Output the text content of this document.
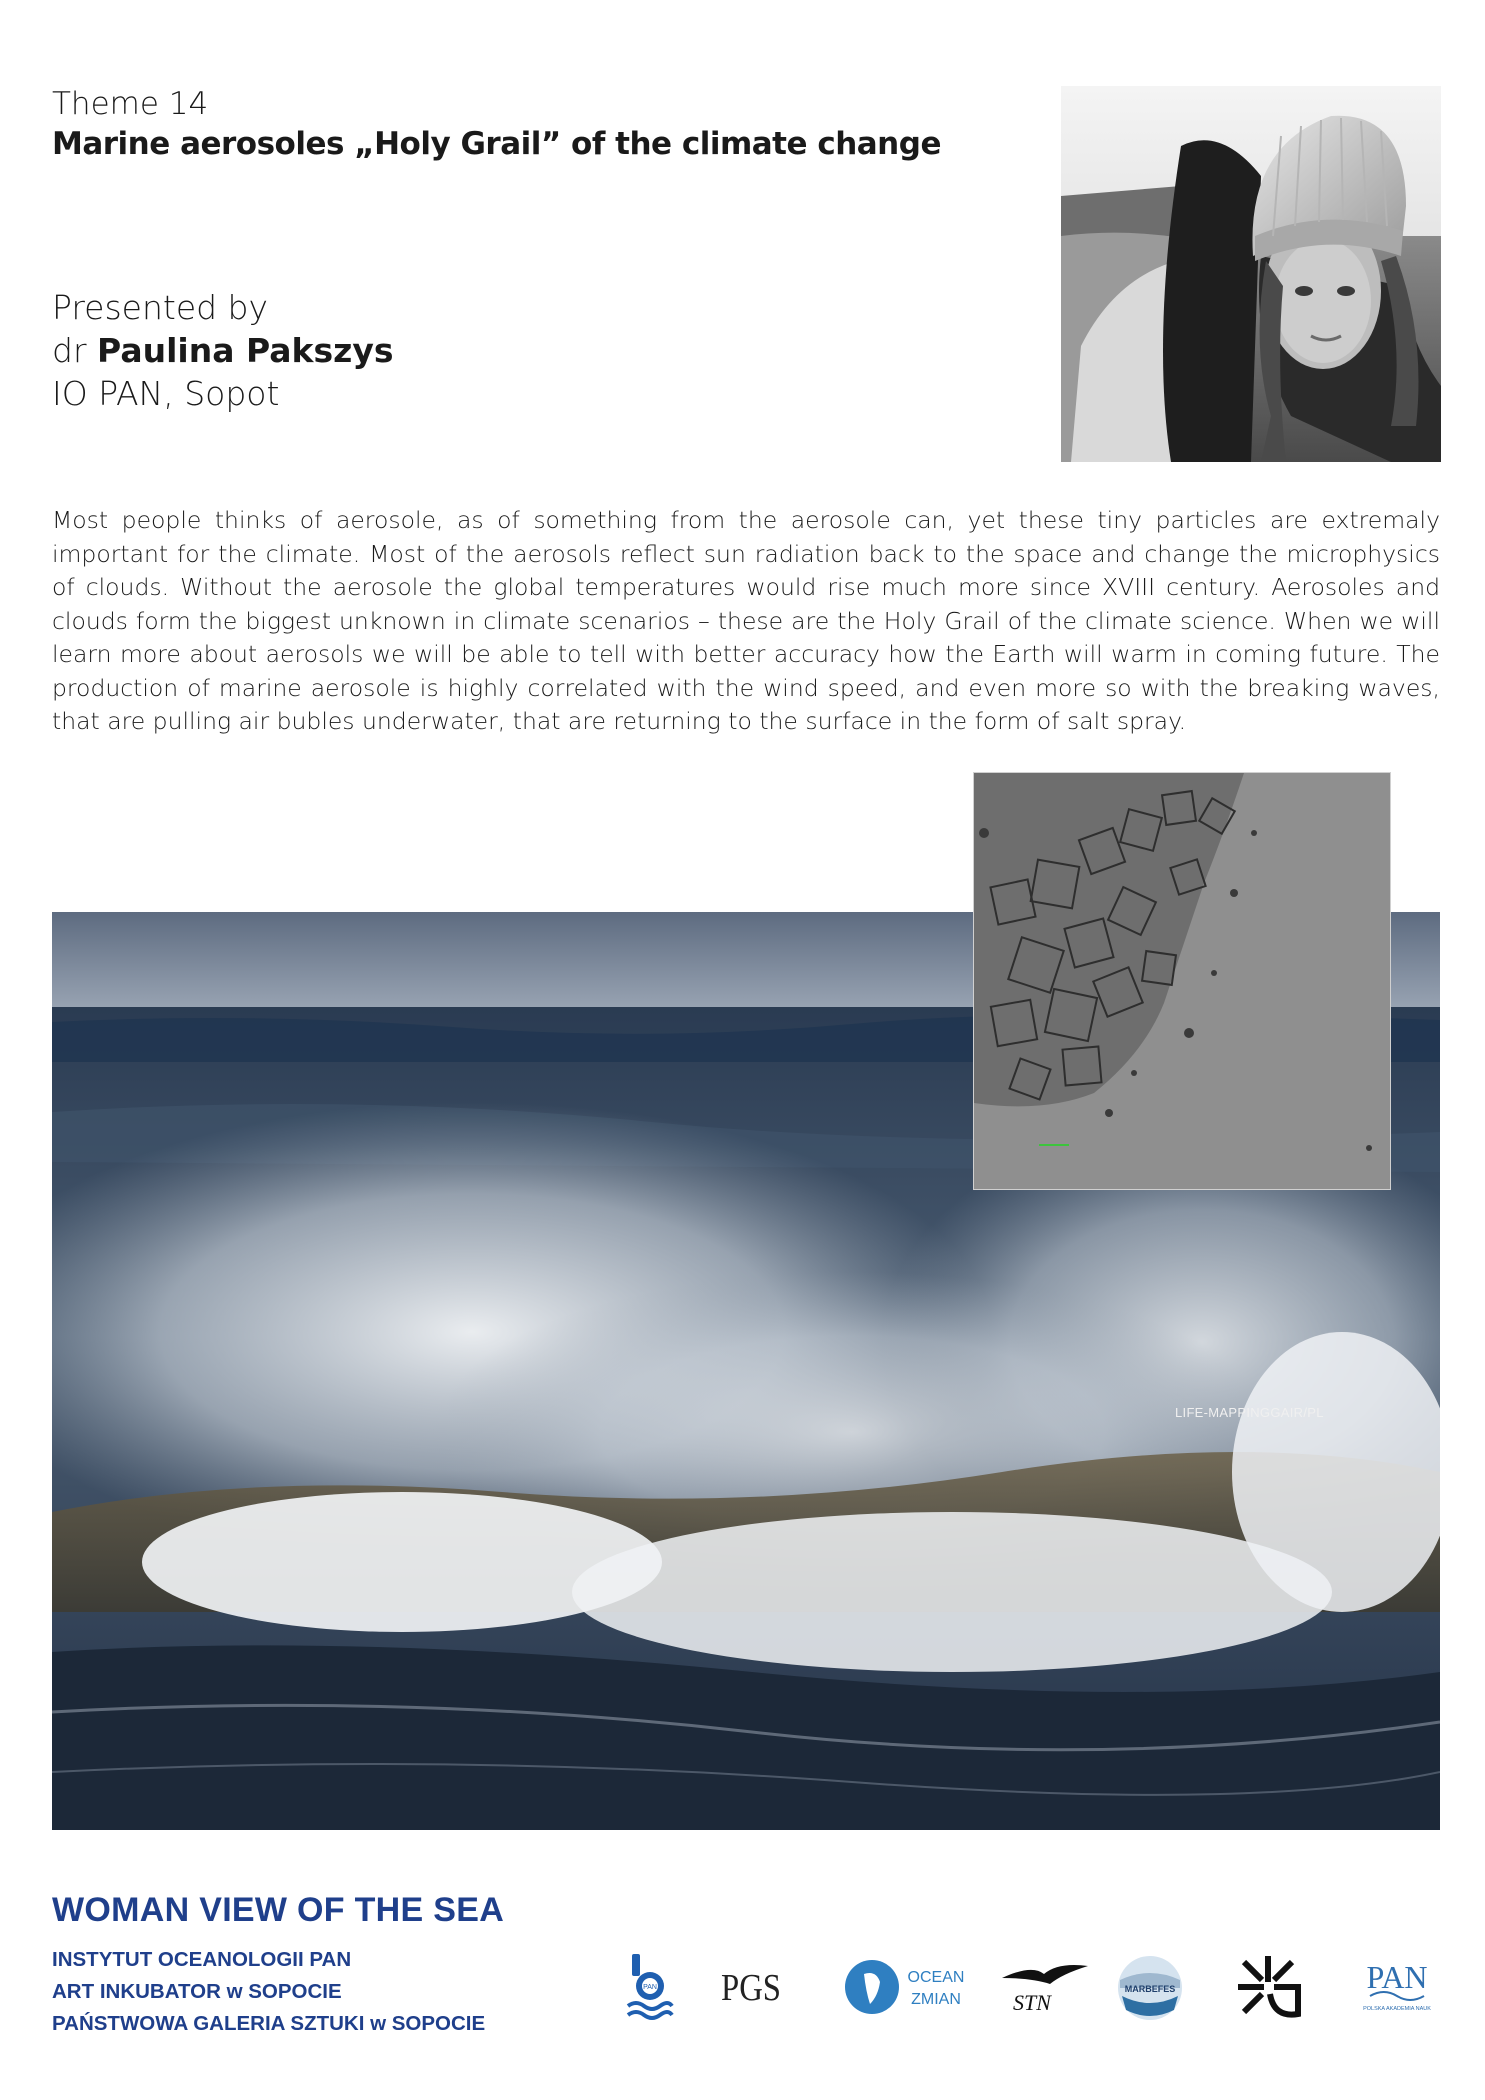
Theme 14
Marine aerosoles „Holy Grail” of the climate change
Presented by
dr Paulina Pakszys
IO PAN, Sopot
Most people thinks of aerosole, as of something from the aerosole can, yet these tiny particles are extremaly important for the climate. Most of the aerosols reflect sun radiation back to the space and change the microphysics of clouds. Without the aerosole the global temperatures would rise much more since XVIII century. Aerosoles and clouds form the biggest unknown in climate scenarios – these are the Holy Grail of the climate science. When we will learn more about aerosols we will be able to tell with better accuracy how the Earth will warm in coming future. The production of marine aerosole is highly correlated with the wind speed, and even more so with the breaking waves, that are pulling air bubles underwater, that are returning to the surface in the form of salt spray.
LIFE-MAPPINGGAIR/PL
WOMAN VIEW OF THE SEA
INSTYTUT OCEANOLOGII PAN
ART INKUBATOR w SOPOCIE
PAŃSTWOWA GALERIA SZTUKI w SOPOCIE
PAN PGS	OCEAN
ZMIAN STN
MARBEFES	PAN
POLSKA AKADEMIA NAUK
